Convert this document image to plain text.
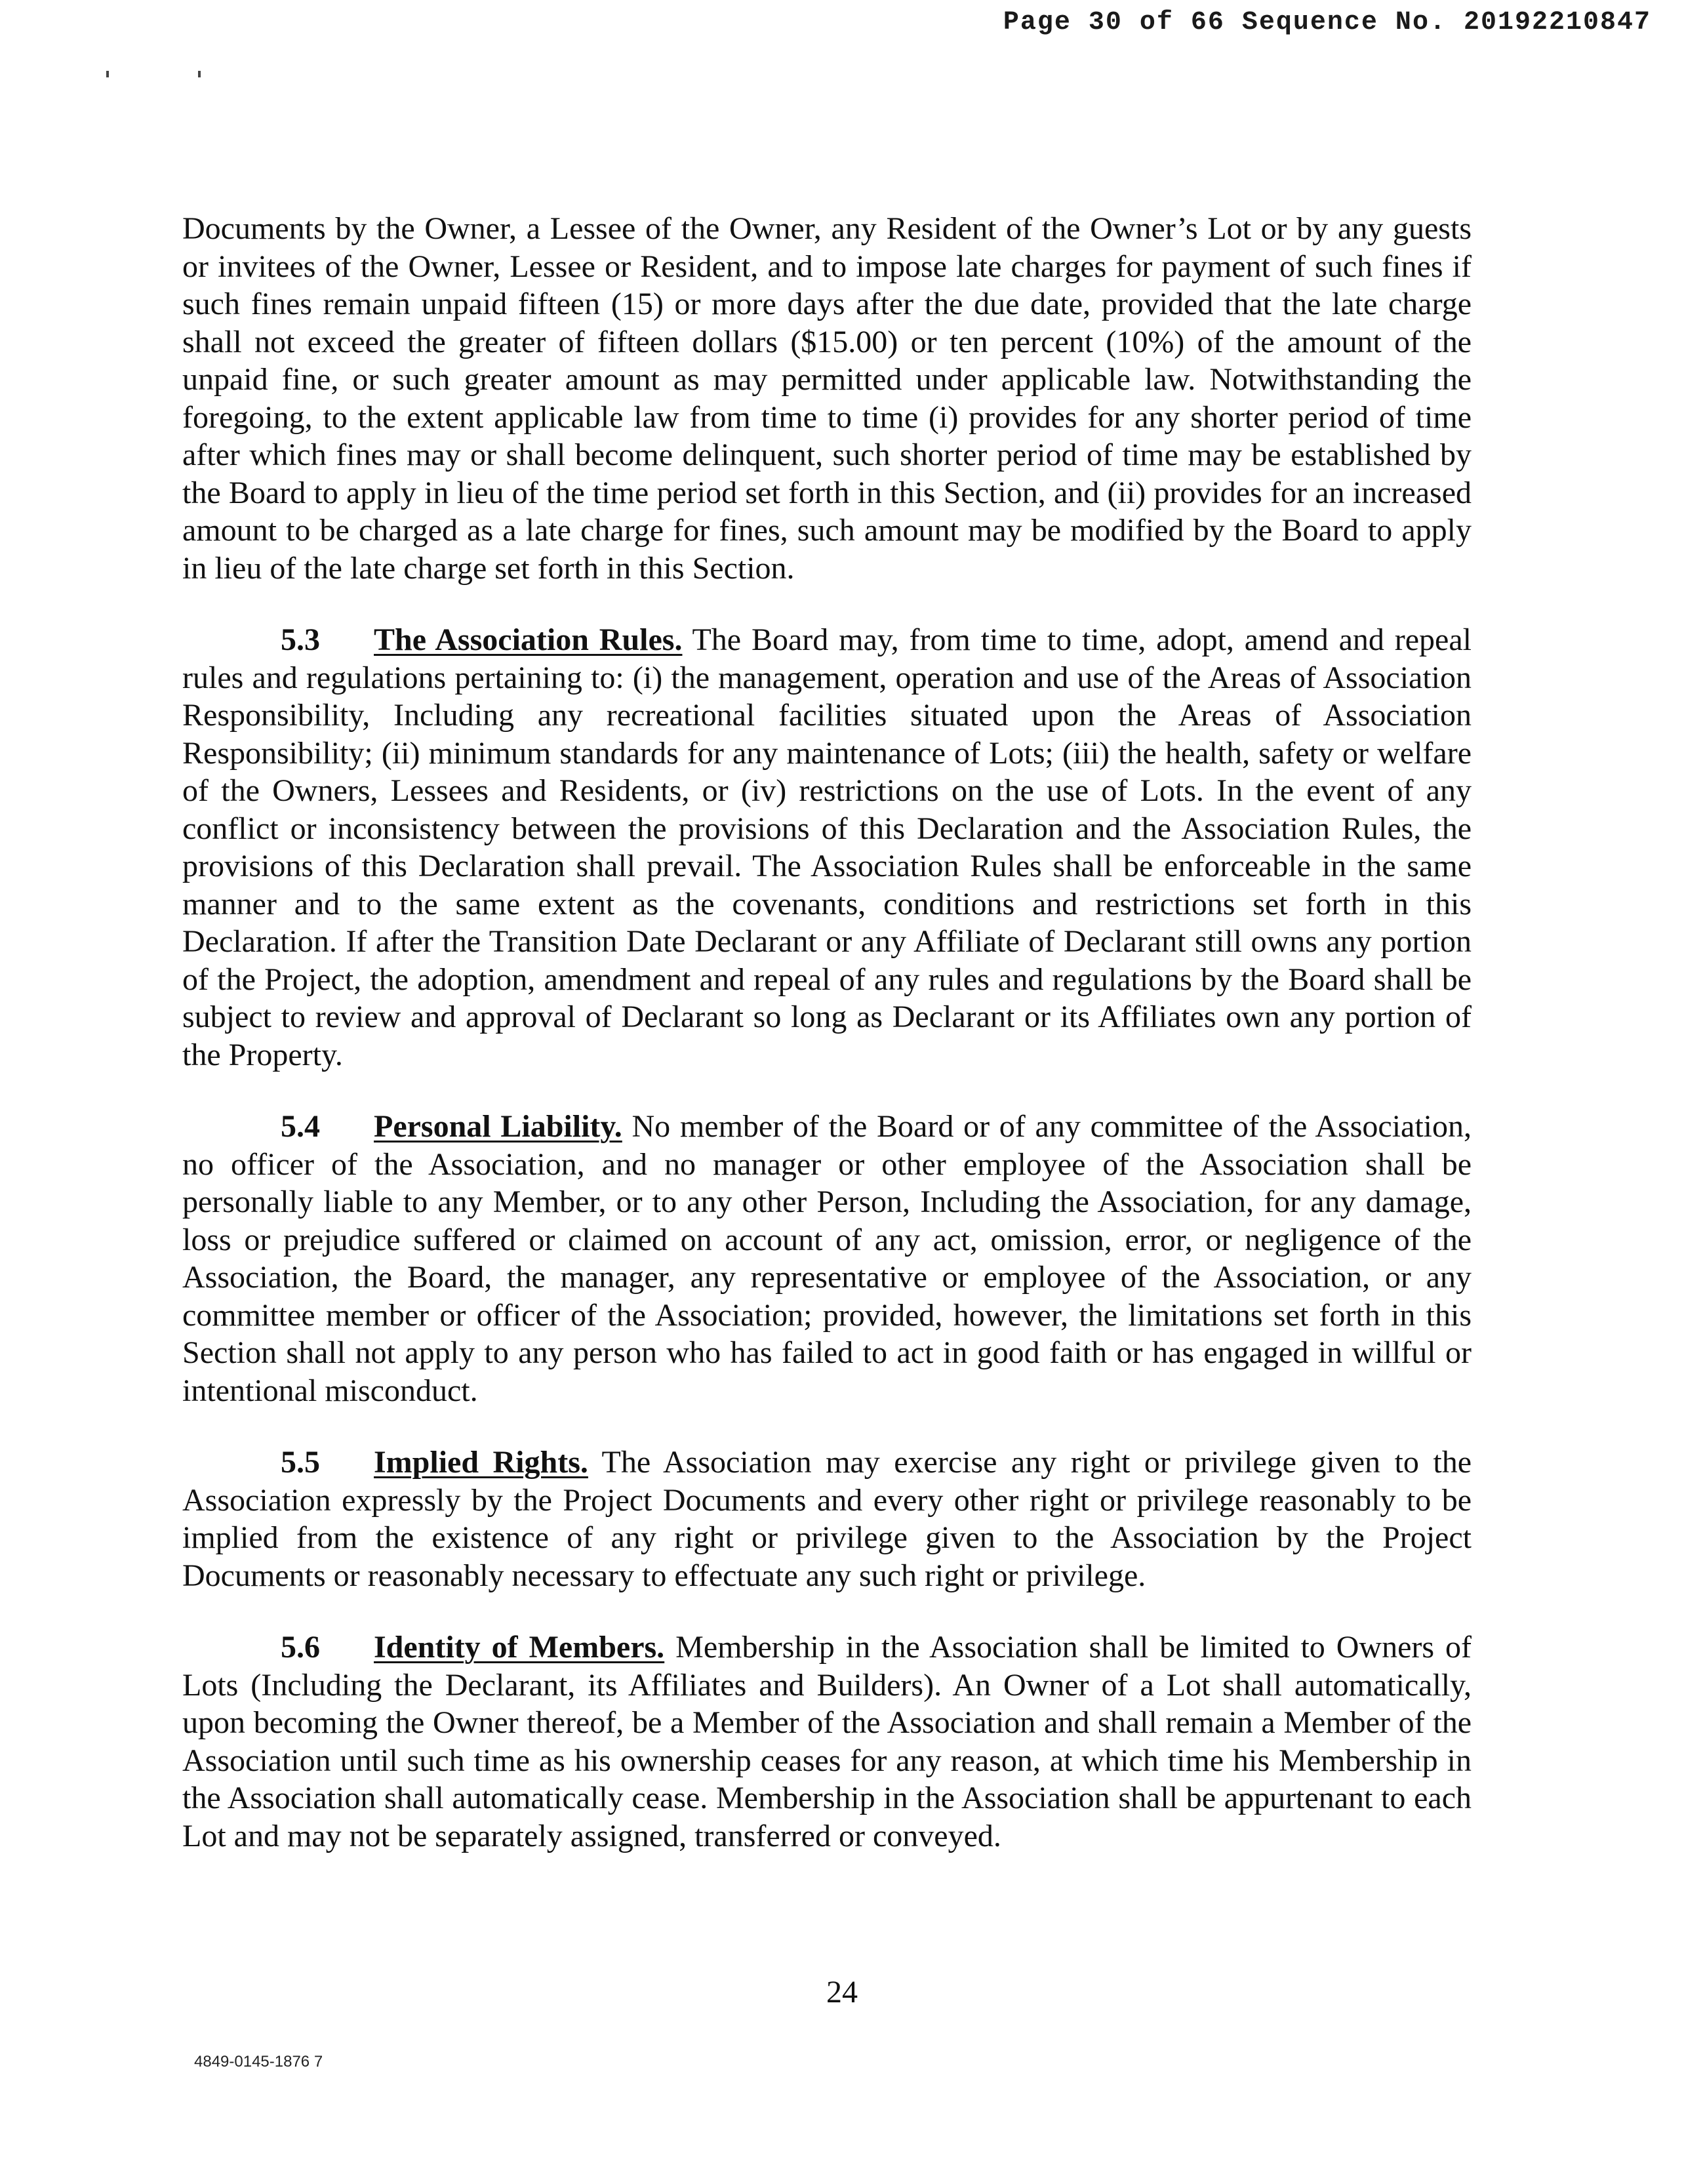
Page 30 of 66 Sequence No. 20192210847

Documents by the Owner, a Lessee of the Owner, any Resident of the Owner’s Lot or by any guests or invitees of the Owner, Lessee or Resident, and to impose late charges for payment of such fines if such fines remain unpaid fifteen (15) or more days after the due date, provided that the late charge shall not exceed the greater of fifteen dollars ($15.00) or ten percent (10%) of the amount of the unpaid fine, or such greater amount as may permitted under applicable law. Notwithstanding the foregoing, to the extent applicable law from time to time (i) provides for any shorter period of time after which fines may or shall become delinquent, such shorter period of time may be established by the Board to apply in lieu of the time period set forth in this Section, and (ii) provides for an increased amount to be charged as a late charge for fines, such amount may be modified by the Board to apply in lieu of the late charge set forth in this Section.

5.3 The Association Rules. The Board may, from time to time, adopt, amend and repeal rules and regulations pertaining to: (i) the management, operation and use of the Areas of Association Responsibility, Including any recreational facilities situated upon the Areas of Association Responsibility; (ii) minimum standards for any maintenance of Lots; (iii) the health, safety or welfare of the Owners, Lessees and Residents, or (iv) restrictions on the use of Lots. In the event of any conflict or inconsistency between the provisions of this Declaration and the Association Rules, the provisions of this Declaration shall prevail. The Association Rules shall be enforceable in the same manner and to the same extent as the covenants, conditions and restrictions set forth in this Declaration. If after the Transition Date Declarant or any Affiliate of Declarant still owns any portion of the Project, the adoption, amendment and repeal of any rules and regulations by the Board shall be subject to review and approval of Declarant so long as Declarant or its Affiliates own any portion of the Property.

5.4 Personal Liability. No member of the Board or of any committee of the Association, no officer of the Association, and no manager or other employee of the Association shall be personally liable to any Member, or to any other Person, Including the Association, for any damage, loss or prejudice suffered or claimed on account of any act, omission, error, or negligence of the Association, the Board, the manager, any representative or employee of the Association, or any committee member or officer of the Association; provided, however, the limitations set forth in this Section shall not apply to any person who has failed to act in good faith or has engaged in willful or intentional misconduct.

5.5 Implied Rights. The Association may exercise any right or privilege given to the Association expressly by the Project Documents and every other right or privilege reasonably to be implied from the existence of any right or privilege given to the Association by the Project Documents or reasonably necessary to effectuate any such right or privilege.

5.6 Identity of Members. Membership in the Association shall be limited to Owners of Lots (Including the Declarant, its Affiliates and Builders). An Owner of a Lot shall automatically, upon becoming the Owner thereof, be a Member of the Association and shall remain a Member of the Association until such time as his ownership ceases for any reason, at which time his Membership in the Association shall automatically cease. Membership in the Association shall be appurtenant to each Lot and may not be separately assigned, transferred or conveyed.

24
4849-0145-1876 7
